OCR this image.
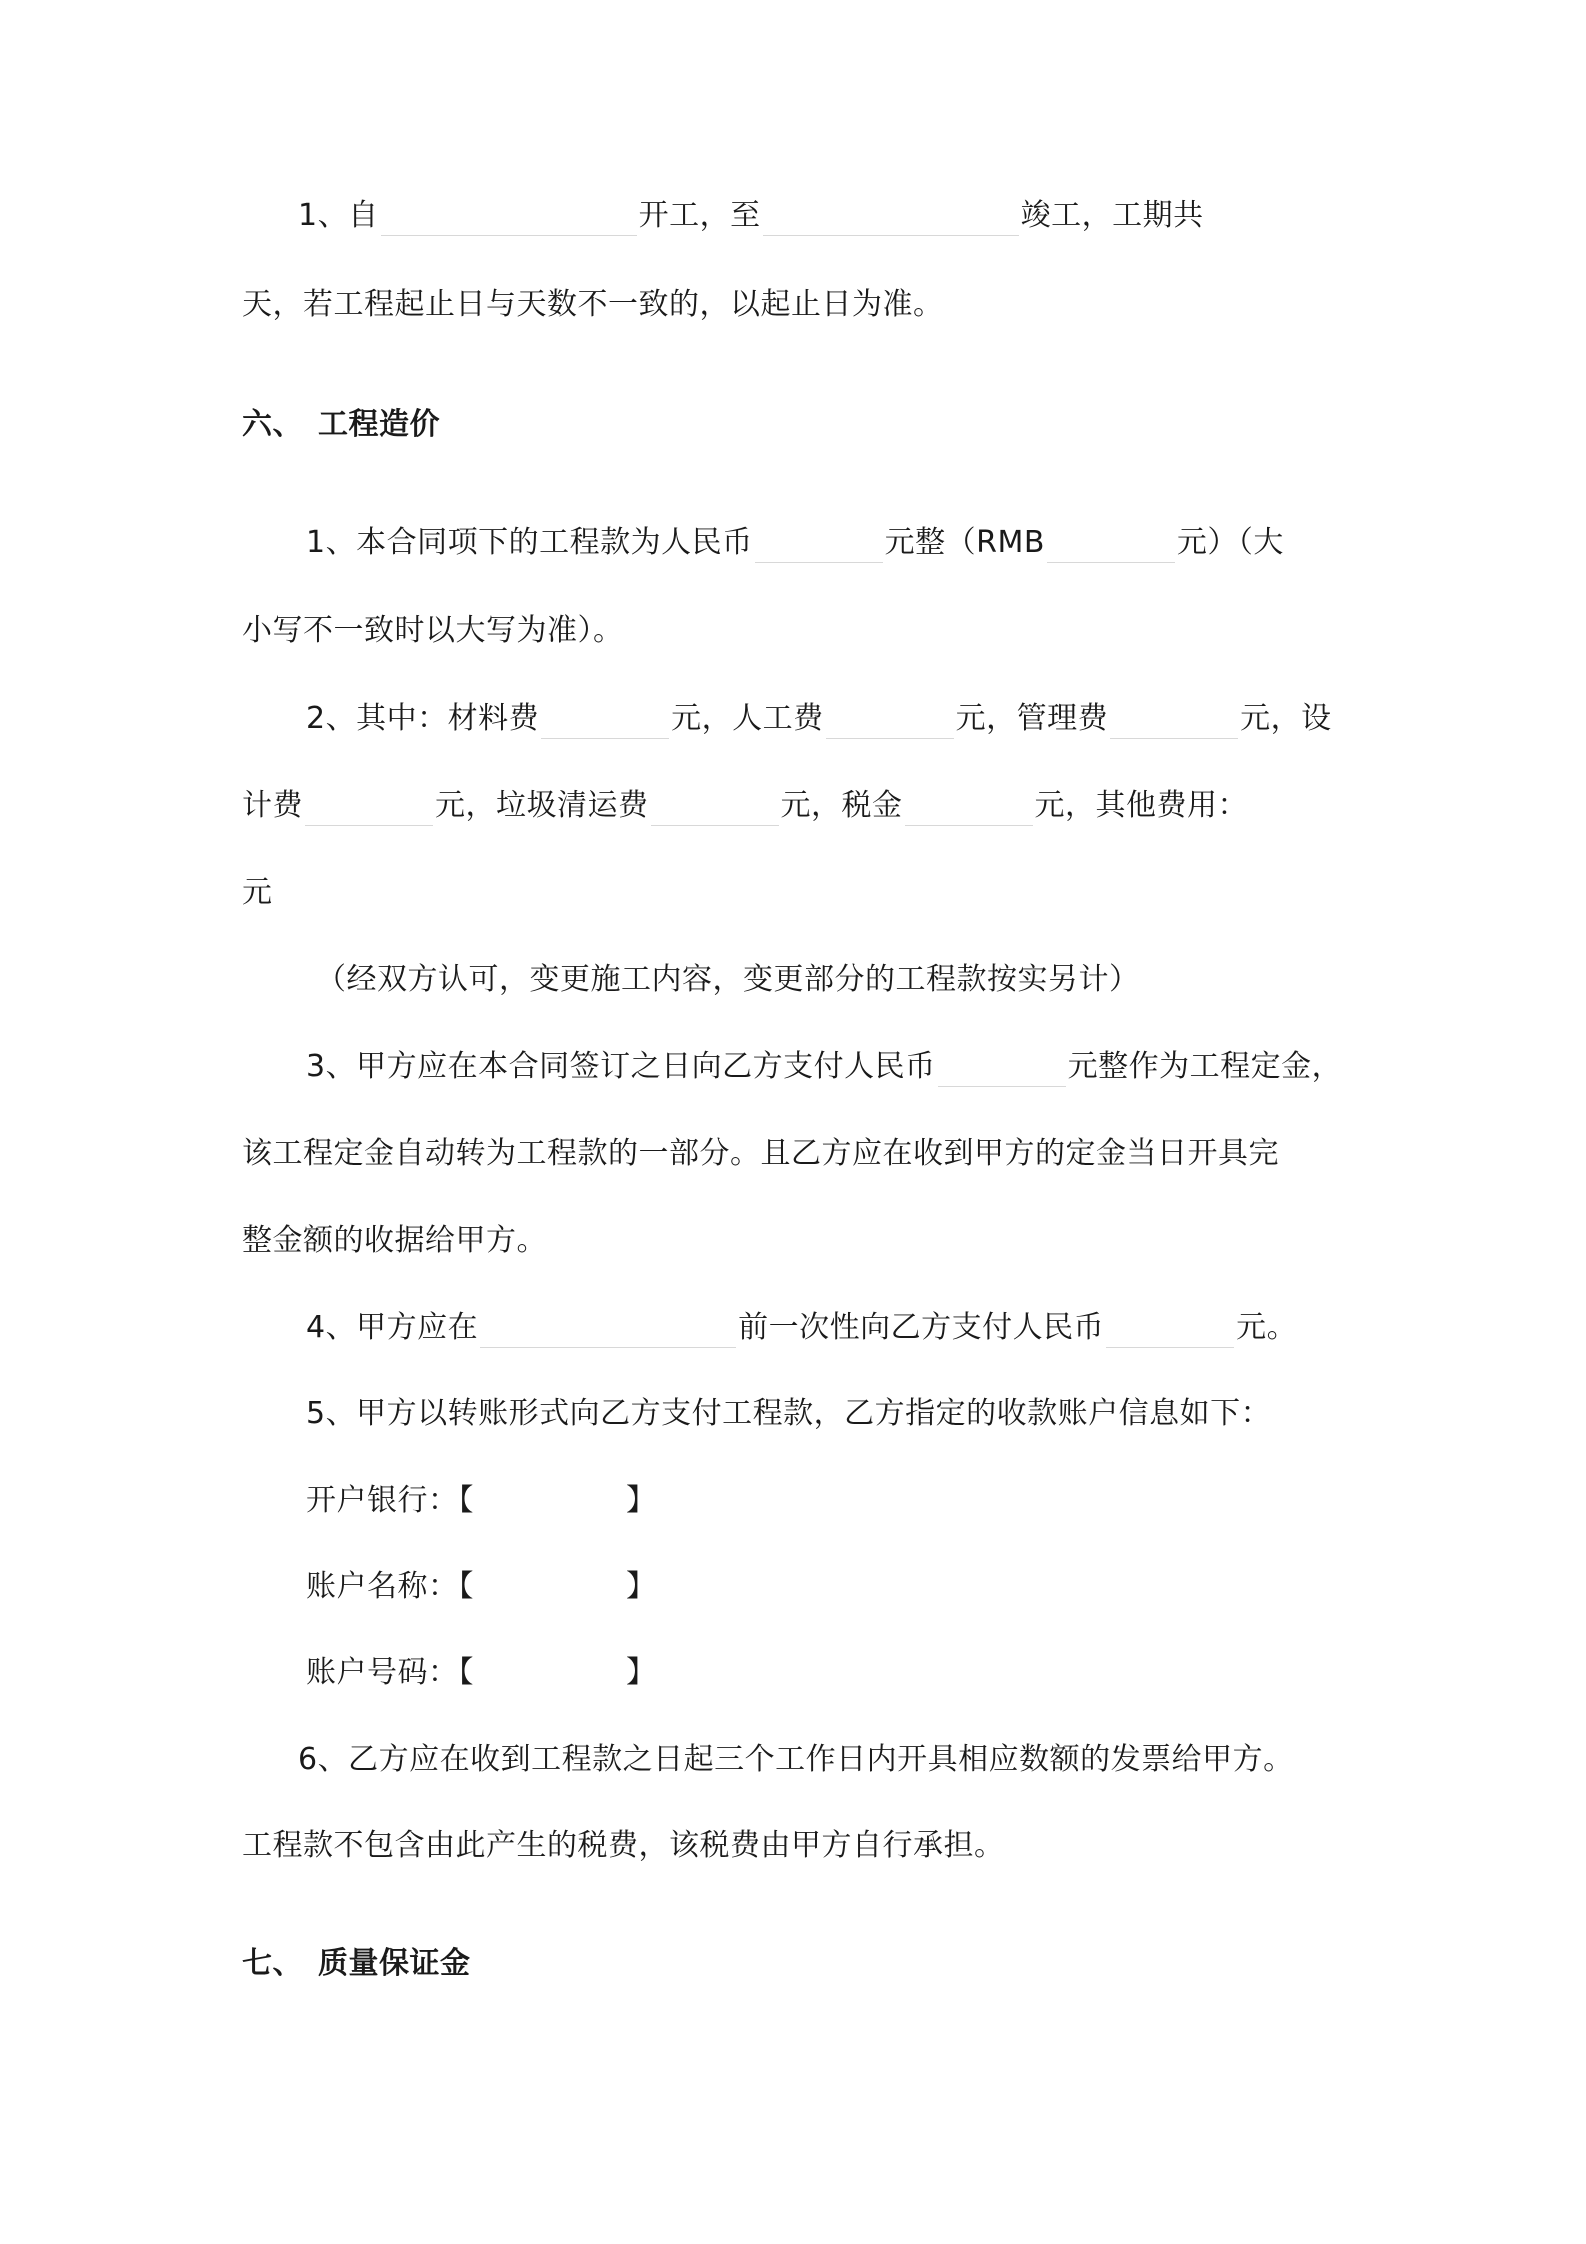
1、自	开工，至	竣工，工期共
天，若工程起止日与天数不一致的，以起止日为准。
六、 工程造价
1、本合同项下的工程款为人民币	元整（RMB	元）（大
小写不一致时以大写为准）。
2、其中：材料费	元，人工费	元，管理费	元，设
计费	元，垃圾清运费	元，税金	元，其他费用：
元
（经双方认可，变更施工内容，变更部分的工程款按实另计）
3、甲方应在本合同签订之日向乙方支付人民币	元整作为工程定金，
该工程定金自动转为工程款的一部分。且乙方应在收到甲方的定金当日开具完
整金额的收据给甲方。
4、甲方应在	前一次性向乙方支付人民币	元。
5、甲方以转账形式向乙方支付工程款，乙方指定的收款账户信息如下：
开户银行：【	】
账户名称：【	】
账户号码：【	】
6、乙方应在收到工程款之日起三个工作日内开具相应数额的发票给甲方。
工程款不包含由此产生的税费，该税费由甲方自行承担。
七、 质量保证金
